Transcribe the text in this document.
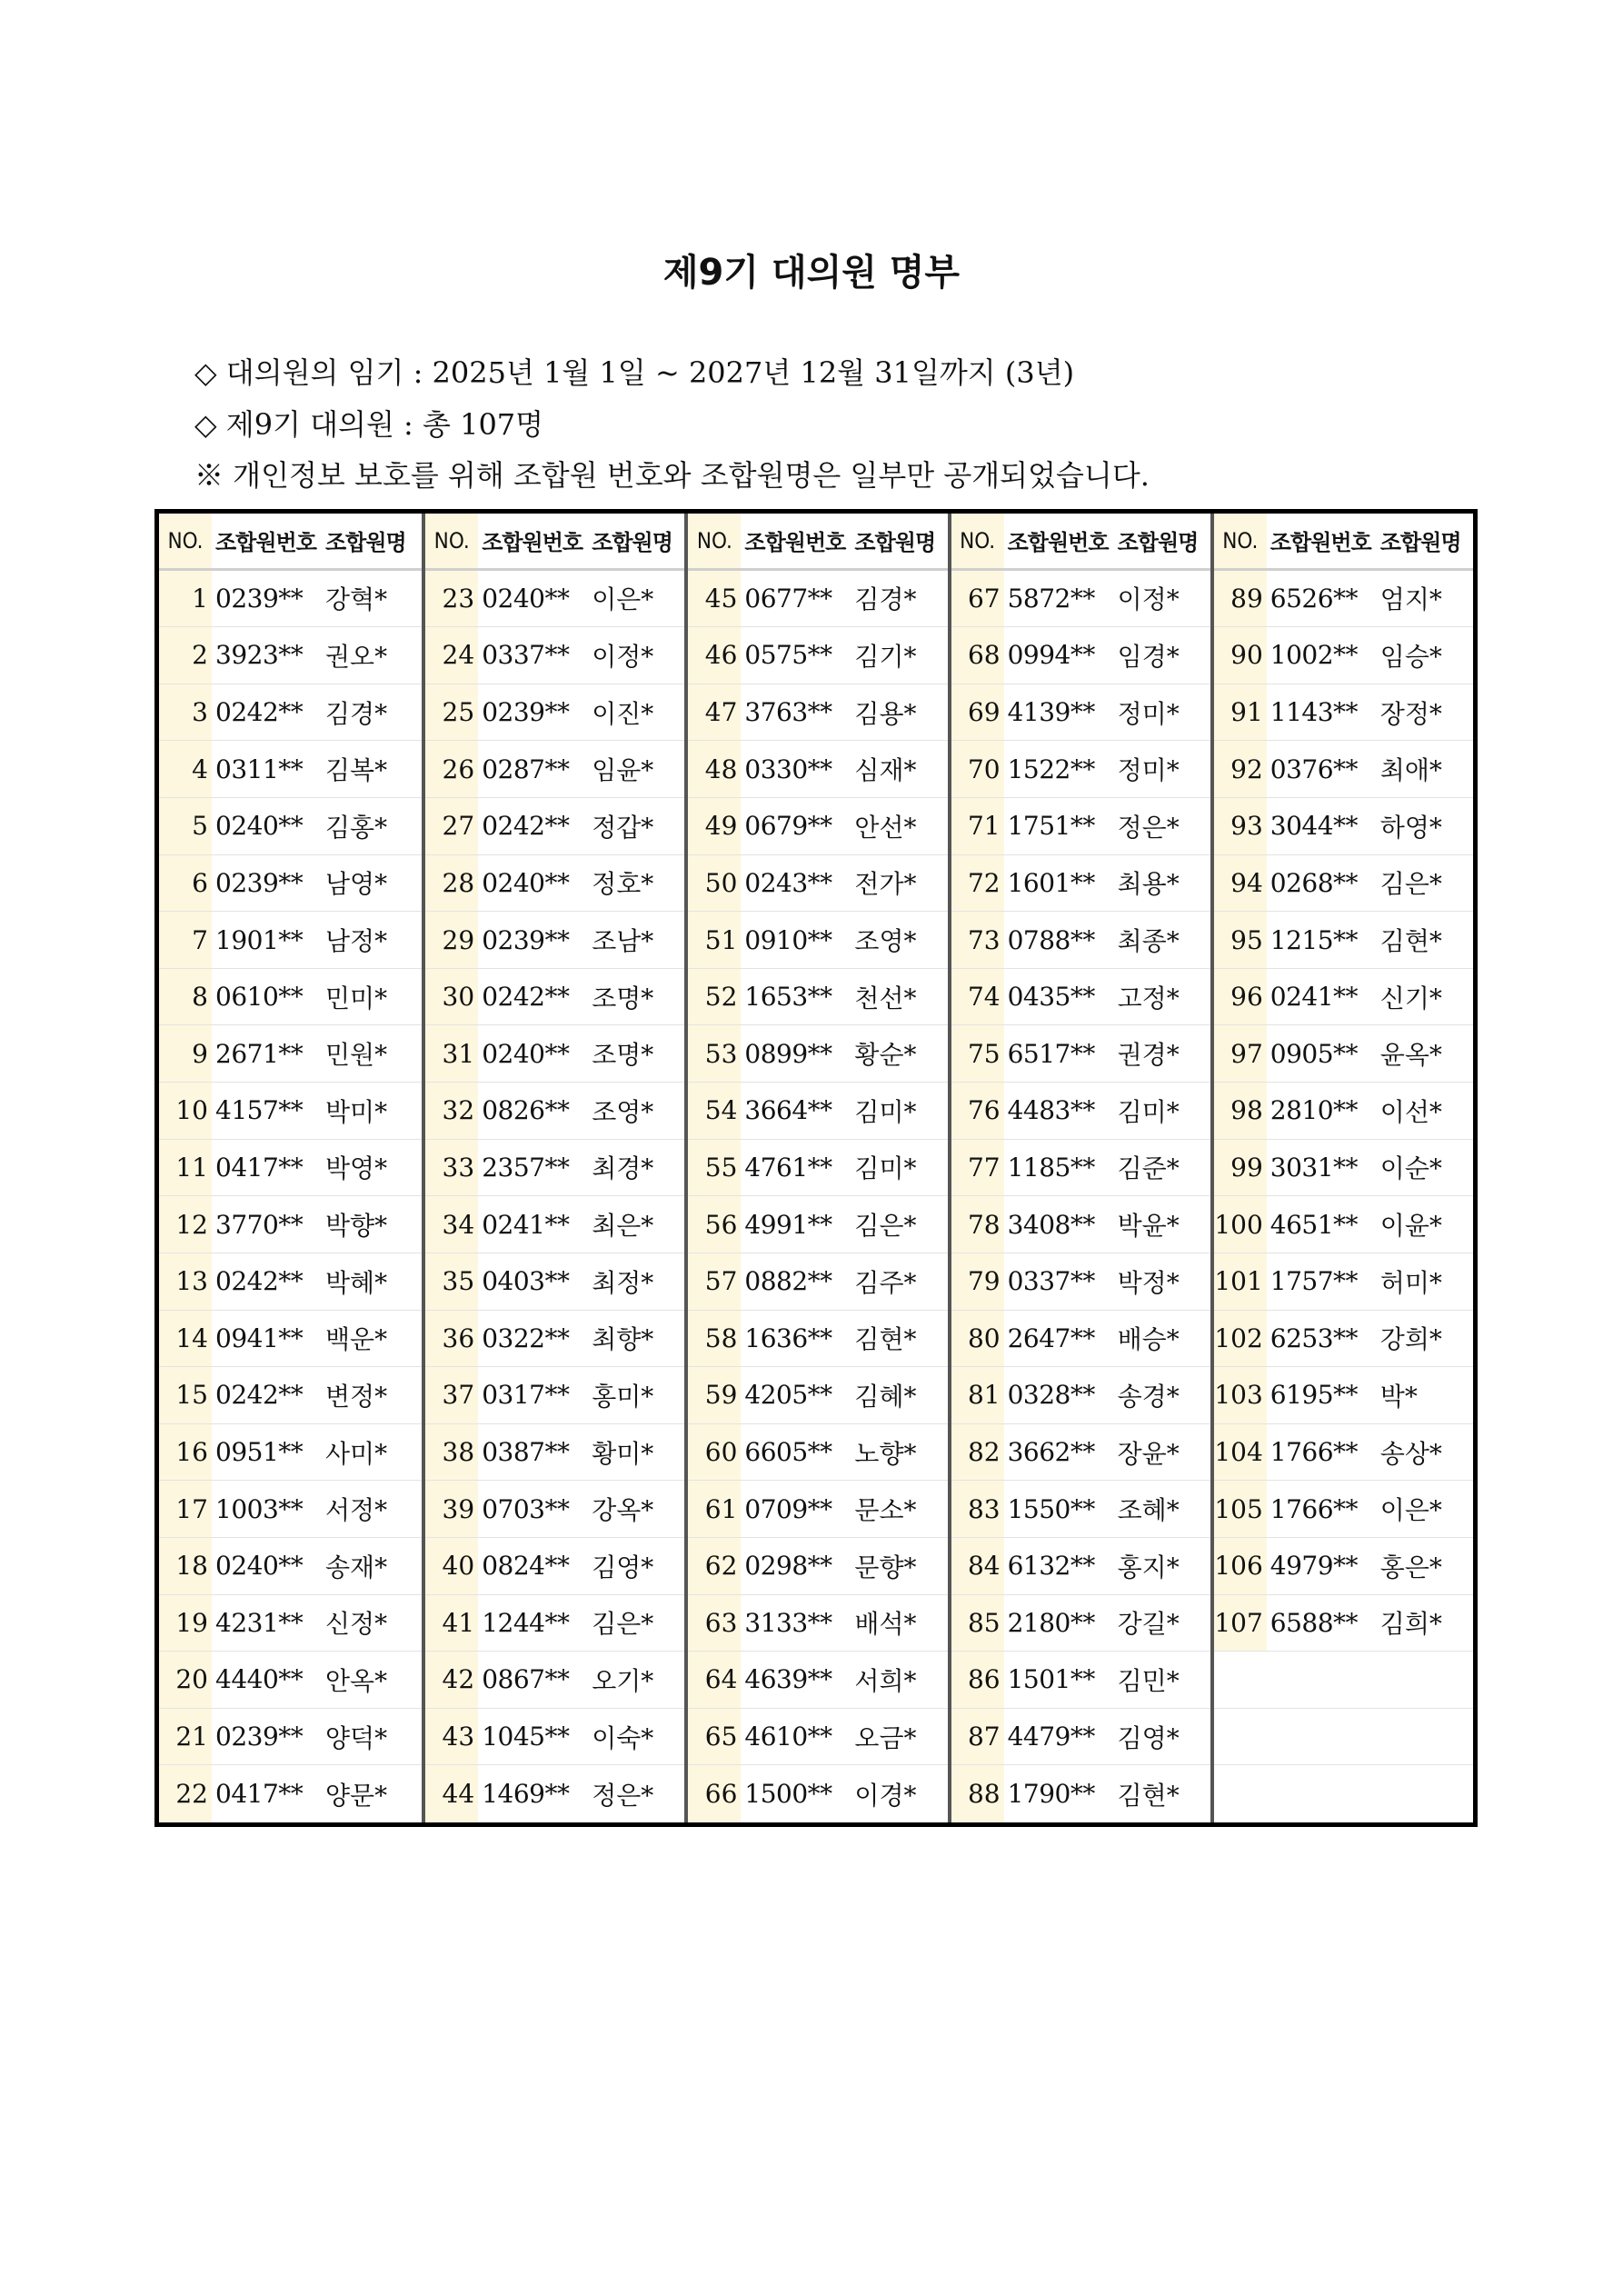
제9기 대의원 명부
◇ 대의원의 임기 : 2025년 1월 1일 ~ 2027년 12월 31일까지 (3년)
◇ 제9기 대의원 : 총 107명
※ 개인정보 보호를 위해 조합원 번호와 조합원명은 일부만 공개되었습니다.
NO. 조합원번호 조합원명
1 0239** 강혁*
2 3923** 권오*
3 0242** 김경*
4 0311** 김복*
5 0240** 김홍*
6 0239** 남영*
7 1901** 남정*
8 0610** 민미*
9 2671** 민원*
10 4157** 박미*
11 0417** 박영*
12 3770** 박향*
13 0242** 박혜*
14 0941** 백운*
15 0242** 변정*
16 0951** 사미*
17 1003** 서정*
18 0240** 송재*
19 4231** 신정*
20 4440** 안옥*
21 0239** 양덕*
22 0417** 양문*
NO. 조합원번호 조합원명
23 0240** 이은*
24 0337** 이정*
25 0239** 이진*
26 0287** 임윤*
27 0242** 정갑*
28 0240** 정호*
29 0239** 조남*
30 0242** 조명*
31 0240** 조명*
32 0826** 조영*
33 2357** 최경*
34 0241** 최은*
35 0403** 최정*
36 0322** 최향*
37 0317** 홍미*
38 0387** 황미*
39 0703** 강옥*
40 0824** 김영*
41 1244** 김은*
42 0867** 오기*
43 1045** 이숙*
44 1469** 정은*
NO. 조합원번호 조합원명
45 0677** 김경*
46 0575** 김기*
47 3763** 김용*
48 0330** 심재*
49 0679** 안선*
50 0243** 전가*
51 0910** 조영*
52 1653** 천선*
53 0899** 황순*
54 3664** 김미*
55 4761** 김미*
56 4991** 김은*
57 0882** 김주*
58 1636** 김현*
59 4205** 김혜*
60 6605** 노향*
61 0709** 문소*
62 0298** 문향*
63 3133** 배석*
64 4639** 서희*
65 4610** 오금*
66 1500** 이경*
NO. 조합원번호 조합원명
67 5872** 이정*
68 0994** 임경*
69 4139** 정미*
70 1522** 정미*
71 1751** 정은*
72 1601** 최용*
73 0788** 최종*
74 0435** 고정*
75 6517** 권경*
76 4483** 김미*
77 1185** 김준*
78 3408** 박윤*
79 0337** 박정*
80 2647** 배승*
81 0328** 송경*
82 3662** 장윤*
83 1550** 조혜*
84 6132** 홍지*
85 2180** 강길*
86 1501** 김민*
87 4479** 김영*
88 1790** 김현*
NO. 조합원번호 조합원명
89 6526** 엄지*
90 1002** 임승*
91 1143** 장정*
92 0376** 최애*
93 3044** 하영*
94 0268** 김은*
95 1215** 김현*
96 0241** 신기*
97 0905** 윤옥*
98 2810** 이선*
99 3031** 이순*
100 4651** 이윤*
101 1757** 허미*
102 6253** 강희*
103 6195** 박*
104 1766** 송상*
105 1766** 이은*
106 4979** 홍은*
107 6588** 김희*
